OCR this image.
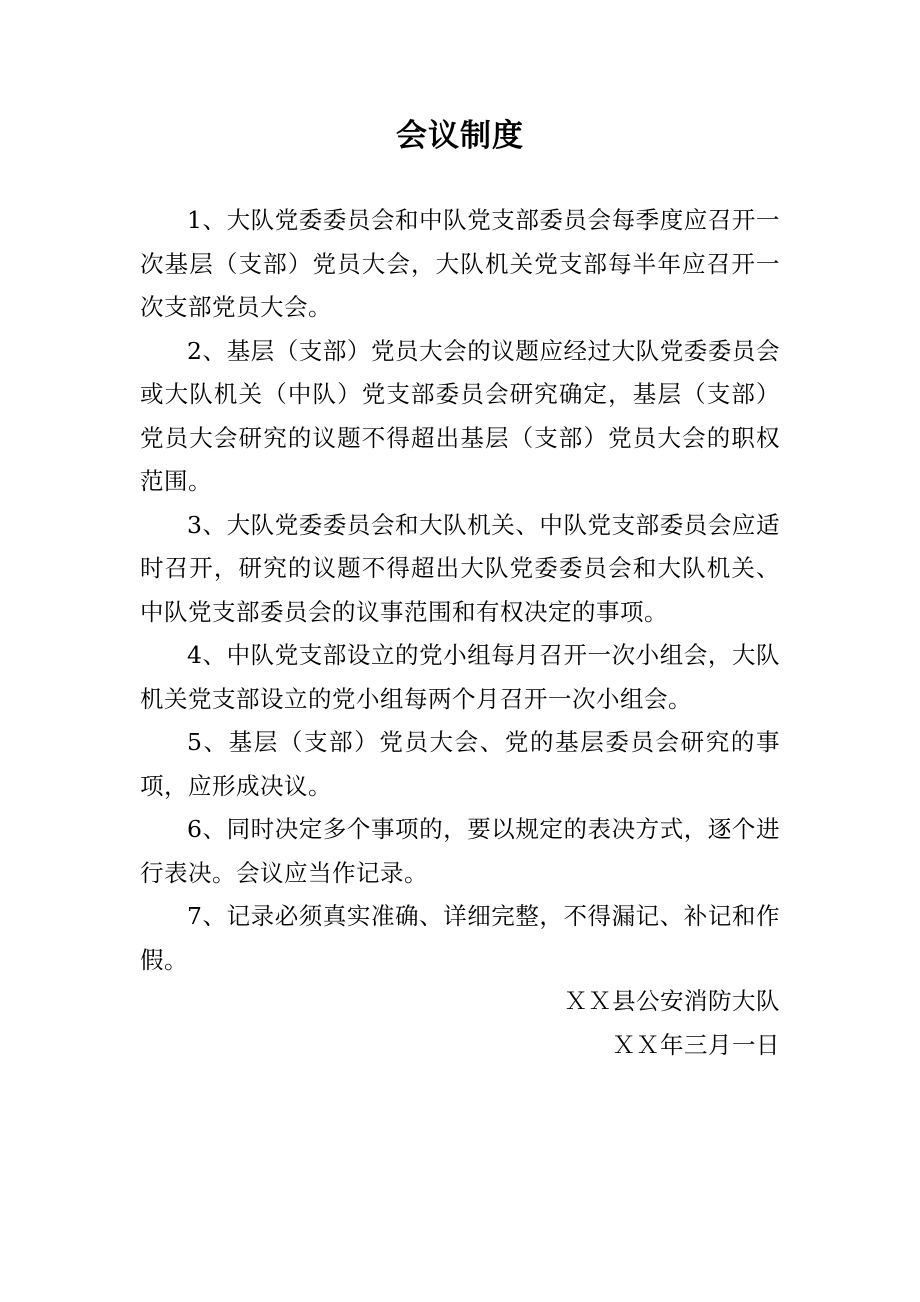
会议制度

1、大队党委委员会和中队党支部委员会每季度应召开一次基层（支部）党员大会，大队机关党支部每半年应召开一次支部党员大会。

2、基层（支部）党员大会的议题应经过大队党委委员会或大队机关（中队）党支部委员会研究确定，基层（支部）党员大会研究的议题不得超出基层（支部）党员大会的职权范围。

3、大队党委委员会和大队机关、中队党支部委员会应适时召开，研究的议题不得超出大队党委委员会和大队机关、中队党支部委员会的议事范围和有权决定的事项。

4、中队党支部设立的党小组每月召开一次小组会，大队机关党支部设立的党小组每两个月召开一次小组会。

5、基层（支部）党员大会、党的基层委员会研究的事项，应形成决议。

6、同时决定多个事项的，要以规定的表决方式，逐个进行表决。会议应当作记录。

7、记录必须真实准确、详细完整，不得漏记、补记和作假。

ＸＸ县公安消防大队

ＸＸ年三月一日
